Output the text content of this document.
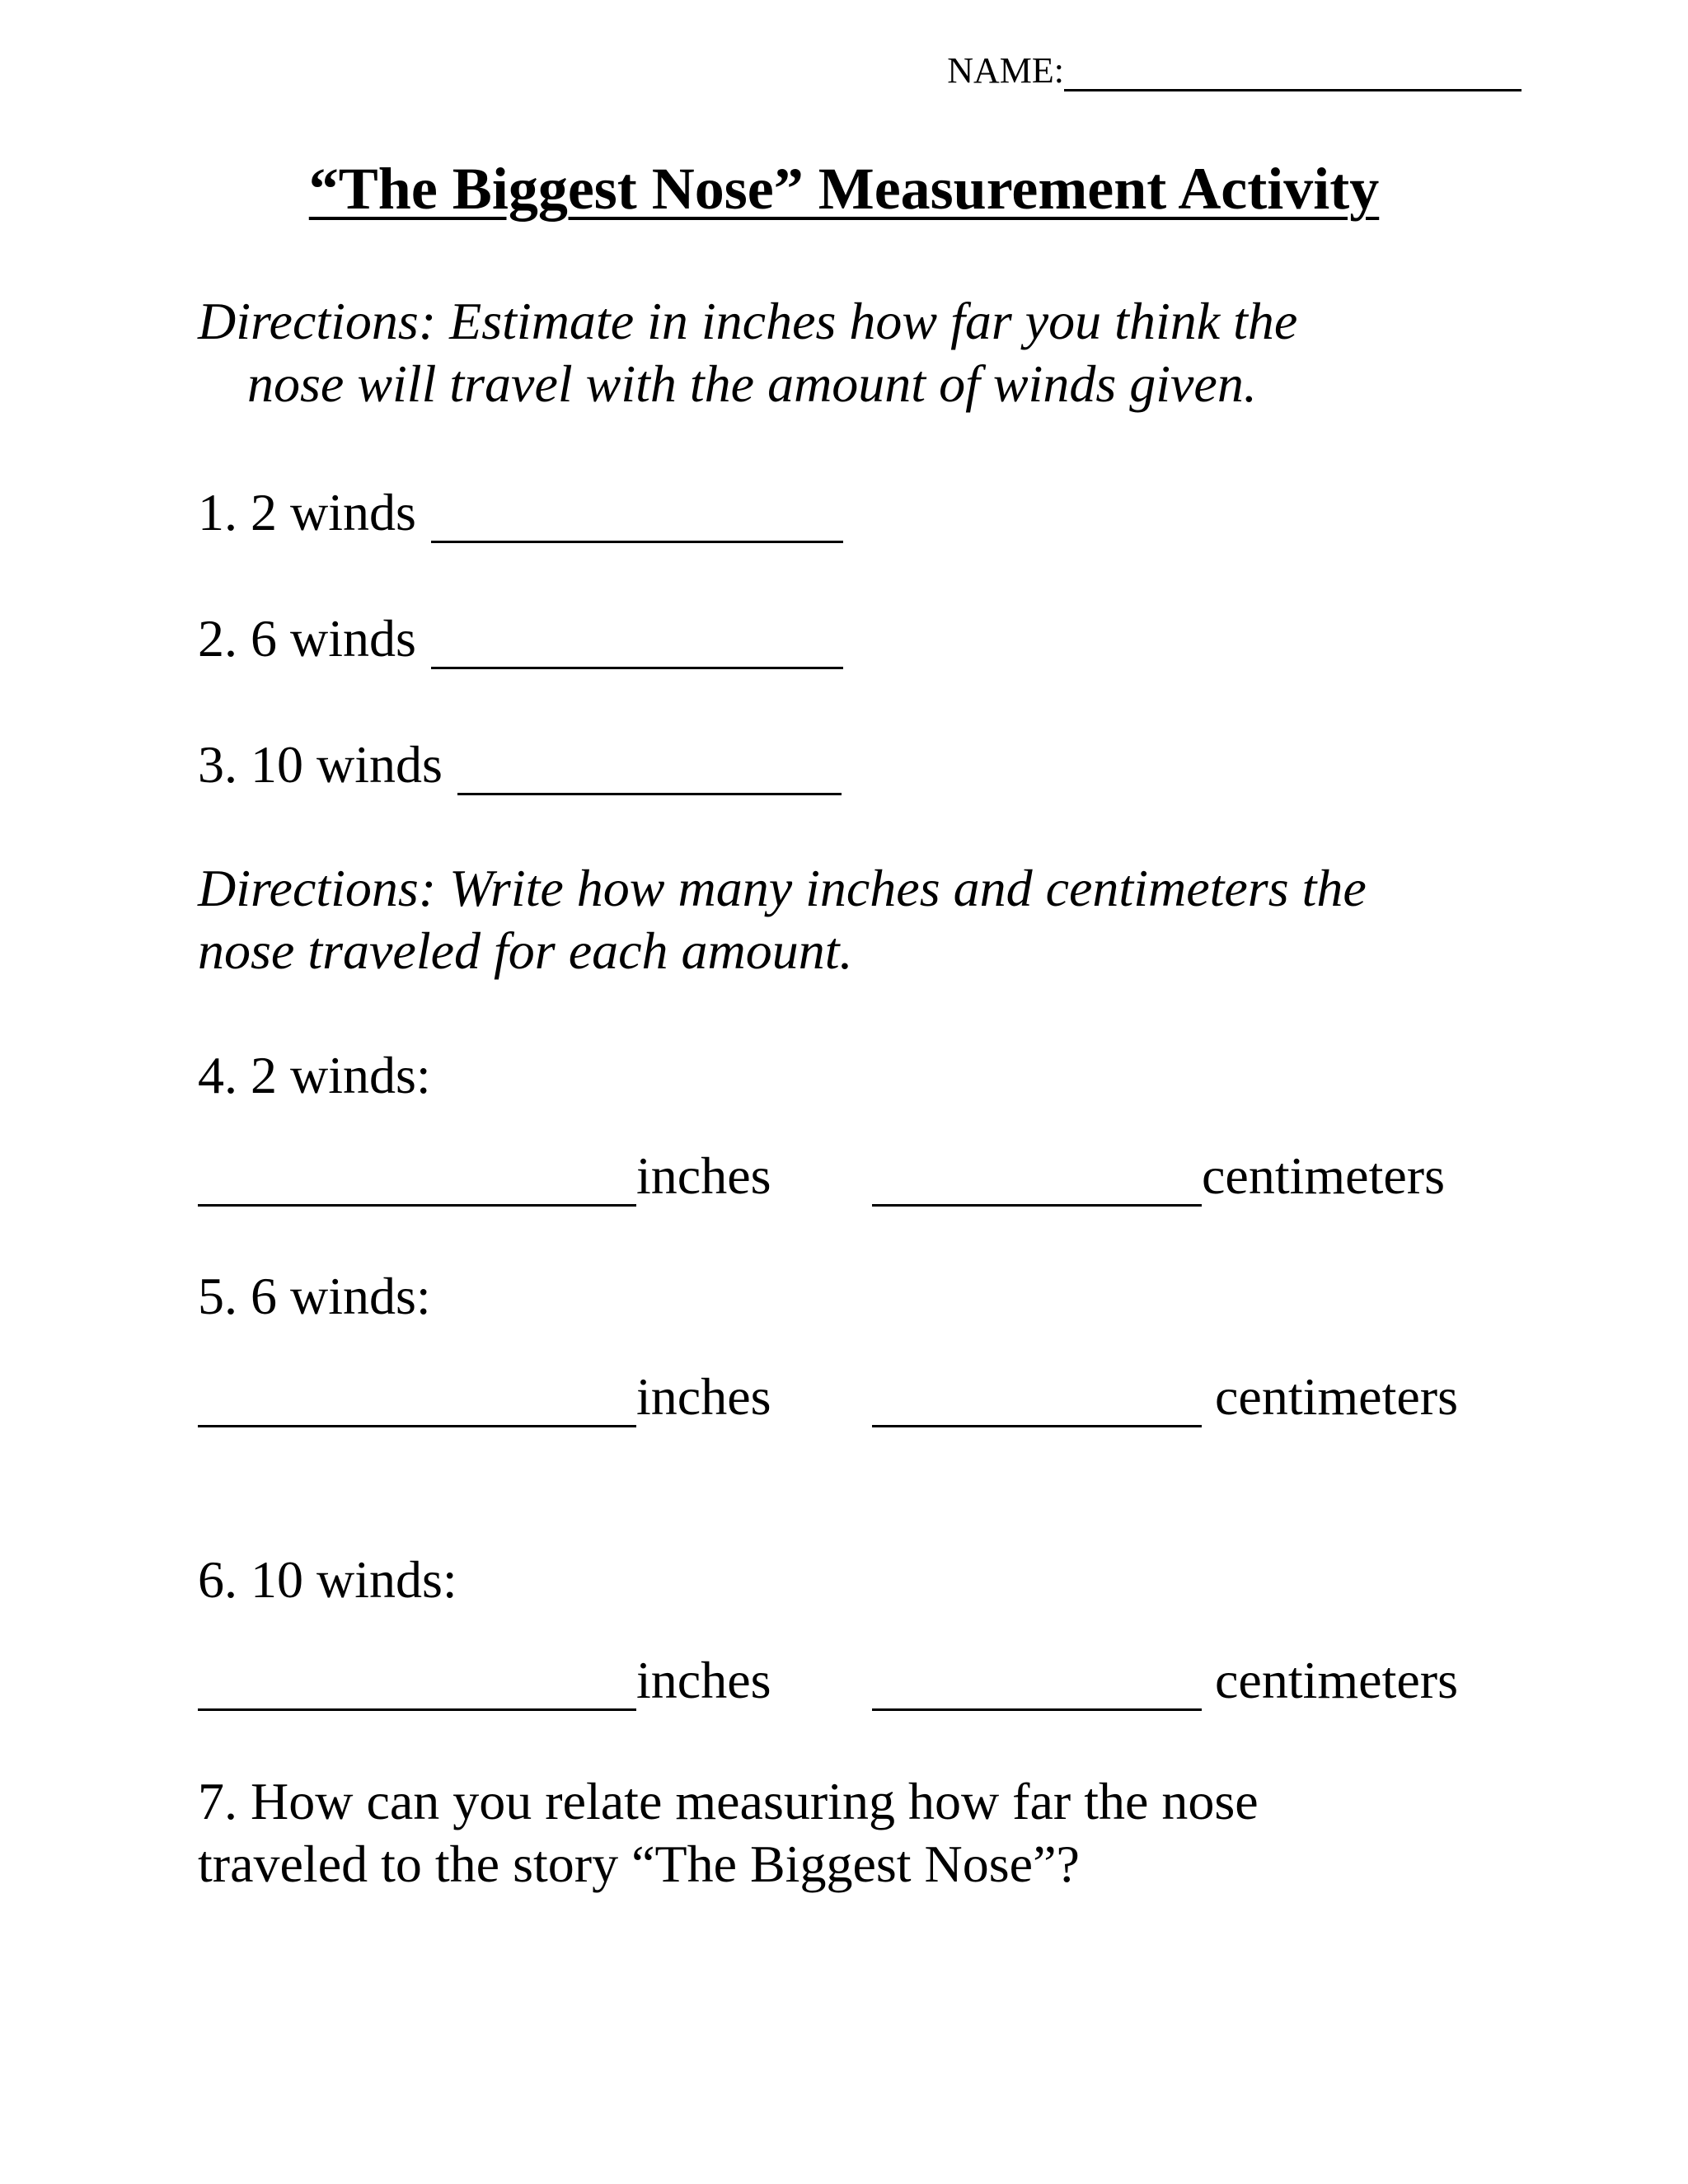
NAME:
“The Biggest Nose” Measurement Activity
Directions: Estimate in inches how far you think the
nose will travel with the amount of winds given.
1. 2 winds
2. 6 winds
3. 10 winds
Directions: Write how many inches and centimeters the
nose traveled for each amount.
4. 2 winds:
inches	centimeters
5. 6 winds:
inches	centimeters
6. 10 winds:
inches	centimeters
7. How can you relate measuring how far the nose
traveled to the story “The Biggest Nose”?
